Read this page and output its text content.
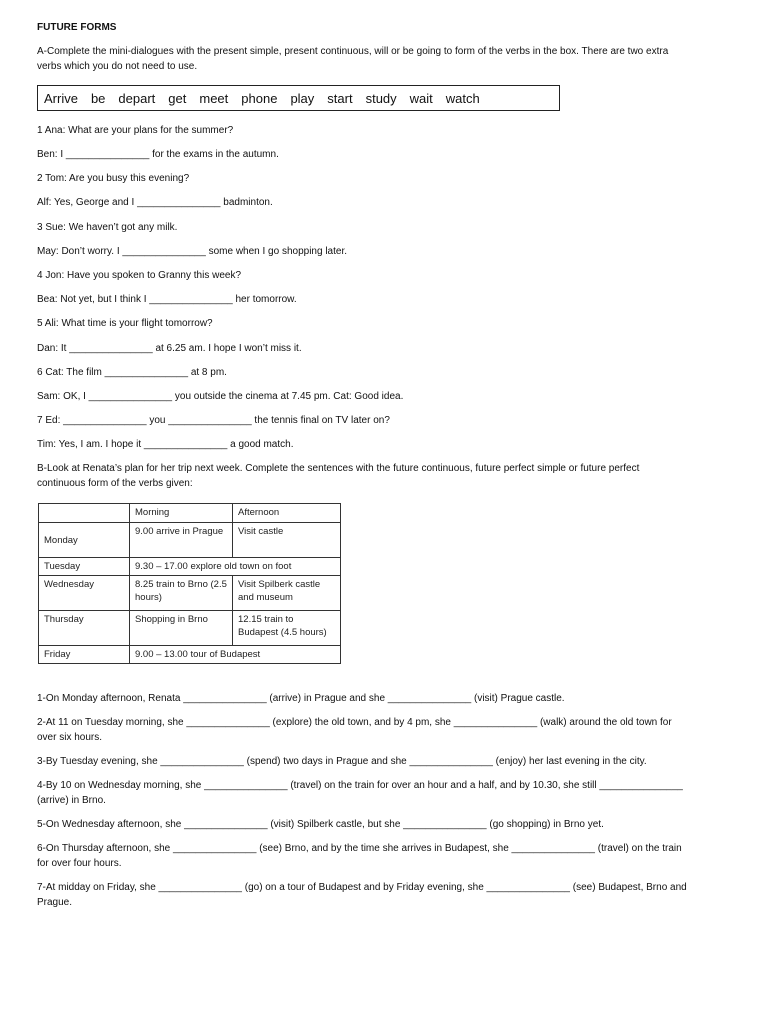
FUTURE FORMS
A-Complete the mini-dialogues with the present simple, present continuous, will or be going to form of the verbs in the box. There are two extra
verbs which you do not need to use.
Arrive be depart get meet phone play start study wait watch
1 Ana: What are your plans for the summer?
Ben: I _______________ for the exams in the autumn.
2 Tom: Are you busy this evening?
Alf: Yes, George and I _______________ badminton.
3 Sue: We haven’t got any milk.
May: Don’t worry. I _______________ some when I go shopping later.
4 Jon: Have you spoken to Granny this week?
Bea: Not yet, but I think I _______________ her tomorrow.
5 Ali: What time is your flight tomorrow?
Dan: It _______________ at 6.25 am. I hope I won’t miss it.
6 Cat: The film _______________ at 8 pm.
Sam: OK, I _______________ you outside the cinema at 7.45 pm. Cat: Good idea.
7 Ed: _______________ you _______________ the tennis final on TV later on?
Tim: Yes, I am. I hope it _______________ a good match.
B-Look at Renata’s plan for her trip next week. Complete the sentences with the future continuous, future perfect simple or future perfect
continuous form of the verbs given:
	Morning	Afternoon
Monday	9.00 arrive in Prague	Visit castle
Tuesday	9.30 – 17.00 explore old town on foot	
Wednesday	8.25 train to Brno (2.5 hours)	Visit Spilberk castle and museum
Thursday	Shopping in Brno	12.15 train to Budapest (4.5 hours)
Friday	9.00 – 13.00 tour of Budapest	
1-On Monday afternoon, Renata _______________ (arrive) in Prague and she _______________ (visit) Prague castle.
2-At 11 on Tuesday morning, she _______________ (explore) the old town, and by 4 pm, she _______________ (walk) around the old town for
over six hours.
3-By Tuesday evening, she _______________ (spend) two days in Prague and she _______________ (enjoy) her last evening in the city.
4-By 10 on Wednesday morning, she _______________ (travel) on the train for over an hour and a half, and by 10.30, she still _______________
(arrive) in Brno.
5-On Wednesday afternoon, she _______________ (visit) Spilberk castle, but she _______________ (go shopping) in Brno yet.
6-On Thursday afternoon, she _______________ (see) Brno, and by the time she arrives in Budapest, she _______________ (travel) on the train
for over four hours.
7-At midday on Friday, she _______________ (go) on a tour of Budapest and by Friday evening, she _______________ (see) Budapest, Brno and
Prague.
